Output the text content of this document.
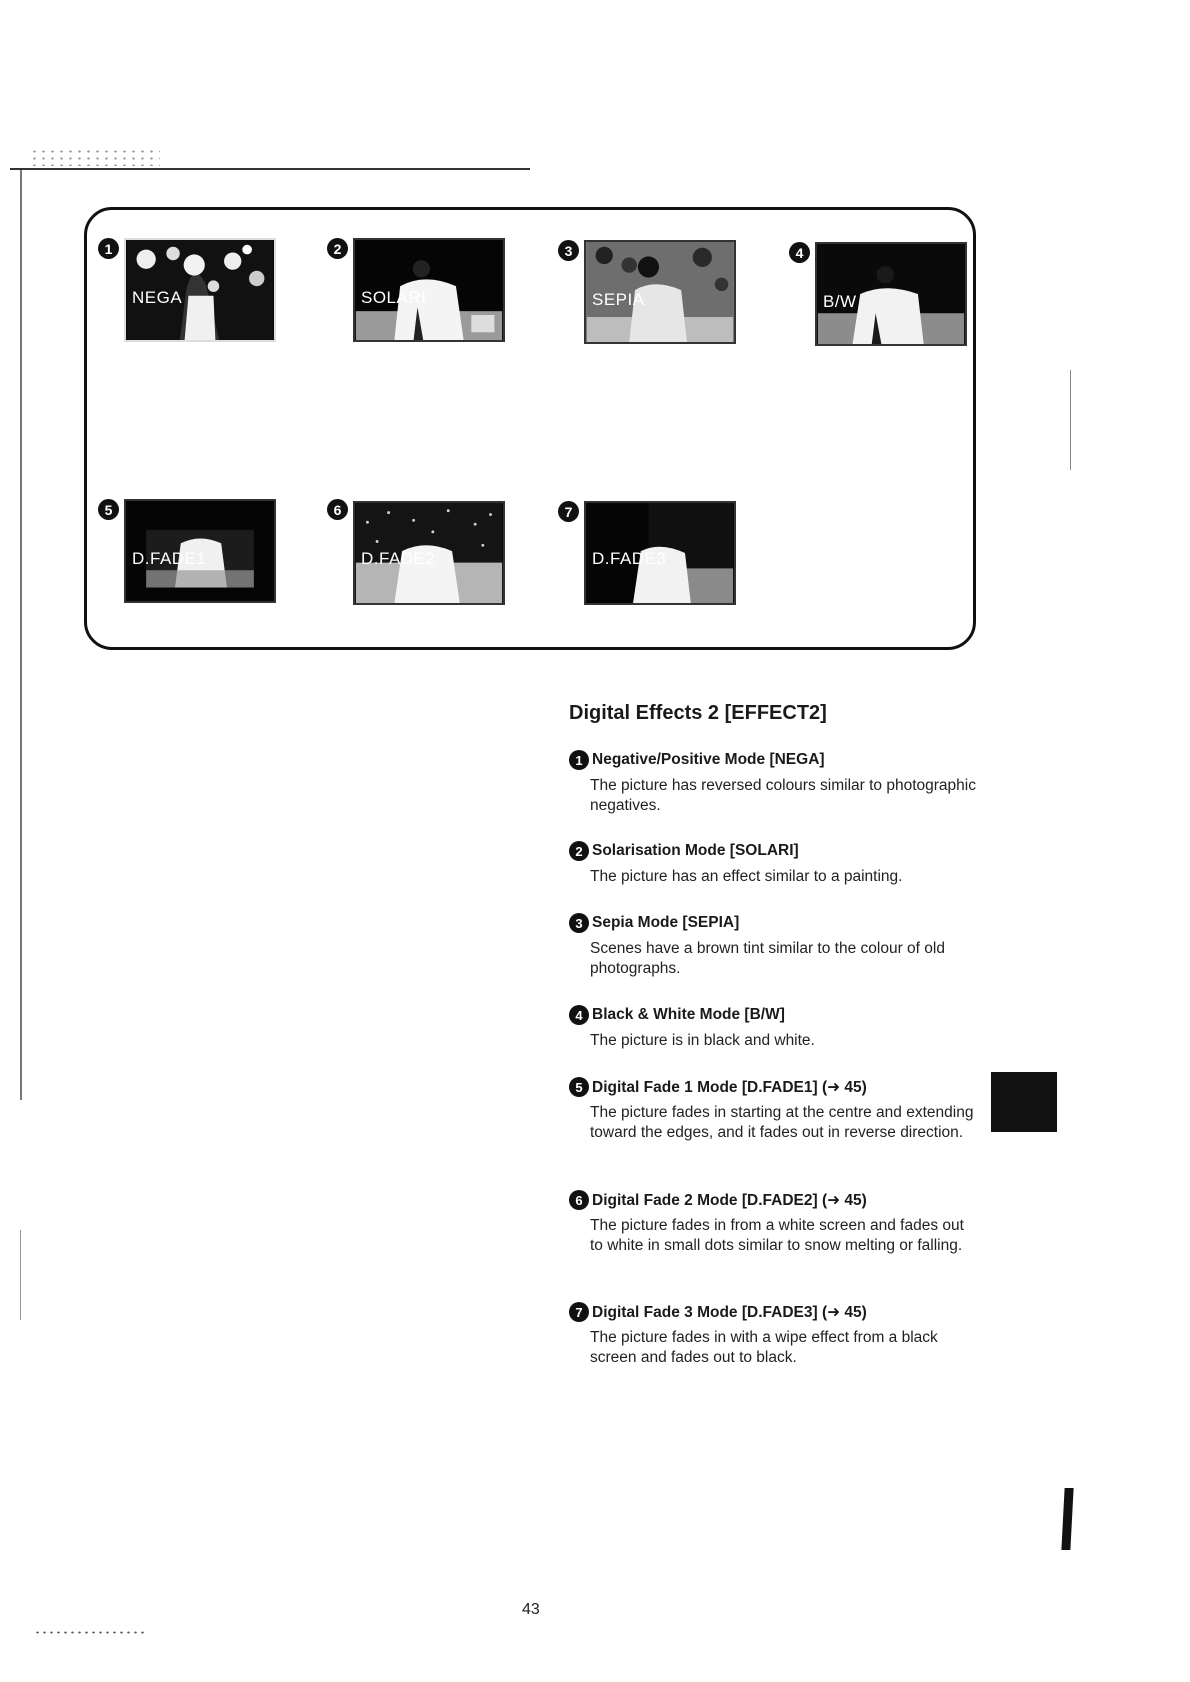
1
NEGA
2
SOLARI
3
SEPIA
4
B/W
5
D.FADE1
6
D.FADE2
7
D.FADE3
Digital Effects 2 [EFFECT2]
1 Negative/Positive Mode [NEGA]

The picture has reversed colours similar to photographic negatives.

2 Solarisation Mode [SOLARI]

The picture has an effect similar to a painting.

3 Sepia Mode [SEPIA]

Scenes have a brown tint similar to the colour of old photographs.

4 Black & White Mode [B/W]

The picture is in black and white.

5 Digital Fade 1 Mode [D.FADE1] (➜ 45)

The picture fades in starting at the centre and extending toward the edges, and it fades out in reverse direction.

6 Digital Fade 2 Mode [D.FADE2] (➜ 45)

The picture fades in from a white screen and fades out to white in small dots similar to snow melting or falling.

7 Digital Fade 3 Mode [D.FADE3] (➜ 45)

The picture fades in with a wipe effect from a black screen and fades out to black.

43
